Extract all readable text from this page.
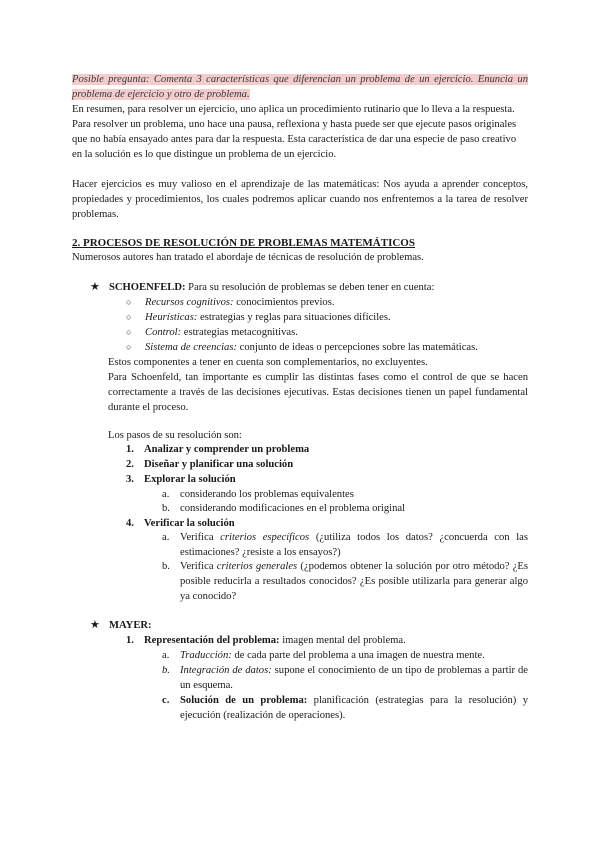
Posible pregunta: Comenta 3 características que diferencian un problema de un ejercicio. Enuncia un problema de ejercicio y otro de problema.
En resumen, para resolver un ejercicio, uno aplica un procedimiento rutinario que lo lleva a la respuesta. Para resolver un problema, uno hace una pausa, reflexiona y hasta puede ser que ejecute pasos originales que no había ensayado antes para dar la respuesta. Esta característica de dar una especie de paso creativo en la solución es lo que distingue un problema de un ejercicio.
Hacer ejercicios es muy valioso en el aprendizaje de las matemáticas: Nos ayuda a aprender conceptos, propiedades y procedimientos, los cuales podremos aplicar cuando nos enfrentemos a la tarea de resolver problemas.
2. PROCESOS DE RESOLUCIÓN DE PROBLEMAS MATEMÁTICOS
Numerosos autores han tratado el abordaje de técnicas de resolución de problemas.
★ SCHOENFELD: Para su resolución de problemas se deben tener en cuenta:
○ Recursos cognitivos: conocimientos previos.
○ Heurísticas: estrategias y reglas para situaciones difíciles.
○ Control: estrategias metacognitivas.
○ Sistema de creencias: conjunto de ideas o percepciones sobre las matemáticas.
Estos componentes a tener en cuenta son complementarios, no excluyentes.
Para Schoenfeld, tan importante es cumplir las distintas fases como el control de que se hacen correctamente a través de las decisiones ejecutivas. Estas decisiones tienen un papel fundamental durante el proceso.
Los pasos de su resolución son:
1. Analizar y comprender un problema
2. Diseñar y planificar una solución
3. Explorar la solución
a. considerando los problemas equivalentes
b. considerando modificaciones en el problema original
4. Verificar la solución
a. Verifica criterios específicos (¿utiliza todos los datos? ¿concuerda con las estimaciones? ¿resiste a los ensayos?)
b. Verifica criterios generales (¿podemos obtener la solución por otro método? ¿Es posible reducirla a resultados conocidos? ¿Es posible utilizarla para generar algo ya conocido?
★ MAYER:
1. Representación del problema: imagen mental del problema.
a. Traducción: de cada parte del problema a una imagen de nuestra mente.
b. Integración de datos: supone el conocimiento de un tipo de problemas a partir de un esquema.
c. Solución de un problema: planificación (estrategias para la resolución) y ejecución (realización de operaciones).
